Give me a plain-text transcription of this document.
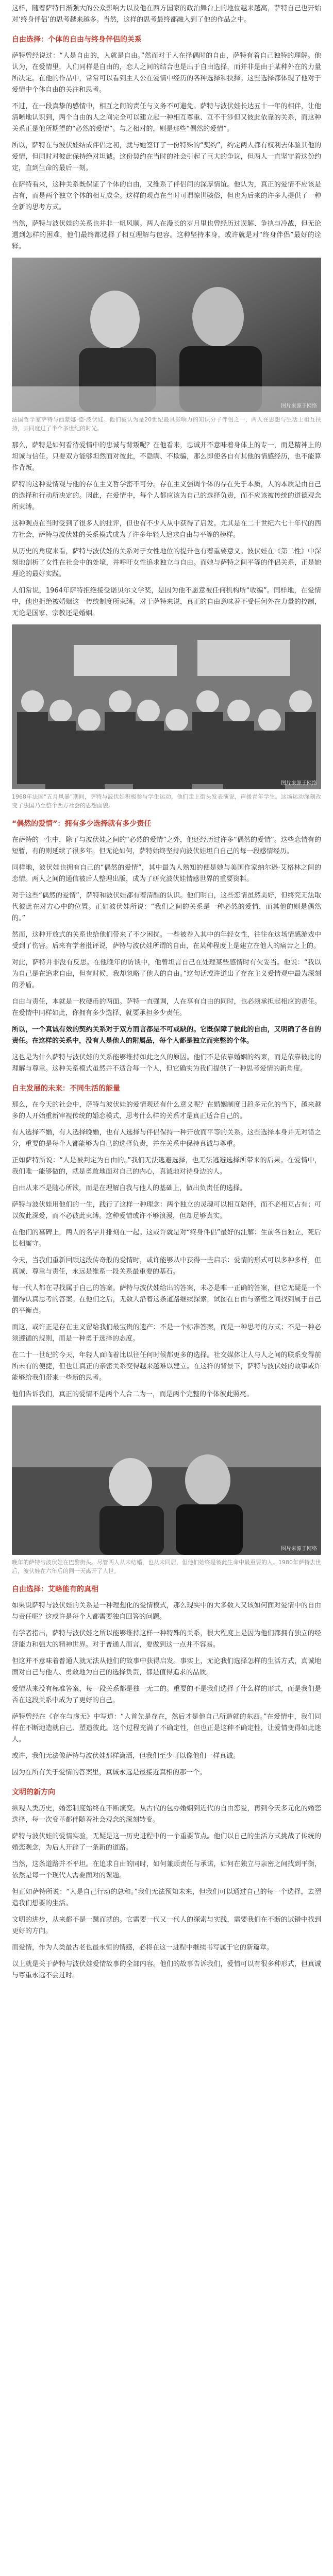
这样，随着萨特日渐强大的公众影响力以及他在西方国家的政治舞台上的地位越来越高，萨特自己也开始对‘终身伴侣’的思考越来越多。当然，这样的思考最终都融入到了他的作品之中。

自由选择：个体的自由与终身伴侣的关系

萨特曾经说过：“人是自由的，人就是自由。”然而对于人在择偶时的自由，萨特有着自己独特的理解。他认为，在爱情里，人们同样是自由的，恋人之间的结合也是出于自由选择，而并非是由于某种外在的力量所决定。在他的作品中，常常可以看到主人公在爱情中经历的各种选择和抉择。这些选择都体现了他对于爱情中个体自由的关注和思考。

不过，在一段真挚的感情中，相互之间的责任与义务不可避免。萨特与波伏娃长达五十一年的相伴，让他清晰地认识到，两个自由的人之间完全可以建立起一种相互尊重、互不干涉但又彼此依靠的关系，而这种关系正是他所期望的“必然的爱情”。与之相对的，则是那些“偶然的爱情”。

所以，萨特在与波伏娃结成伴侣之初，就与她签订了一份特殊的“契约”，约定两人都有权利去体验其他的爱情，但同时对彼此保持绝对坦诚。这份契约在当时的社会引起了巨大的争议，但两人一直坚守着这份约定，直到生命的最后一刻。

在萨特看来，这种关系既保证了个体的自由，又维系了伴侣间的深厚情谊。他认为，真正的爱情不应该是占有，而是两个独立个体的相互成全。这样的观点在当时可谓惊世骇俗，但也为后来的许多人提供了一种全新的思考方式。

当然，萨特与波伏娃的关系也并非一帆风顺。两人在漫长的岁月里也曾经历过误解、争执与冷战，但无论遇到怎样的困难，他们最终都选择了相互理解与包容。这种坚持本身，或许就是对“终身伴侣”最好的诠释。

图片来源于网络

法国哲学家萨特与西蒙娜·德·波伏娃。他们被认为是20世纪最具影响力的知识分子伴侣之一，两人在思想与生活上相互扶持，共同度过了半个多世纪的时光。

那么，萨特是如何看待爱情中的忠诚与背叛呢？在他看来，忠诚并不意味着身体上的专一，而是精神上的坦诚与信任。只要双方能够坦然面对彼此，不隐瞒、不欺骗，那么即使各自有其他的情感经历，也不能算作背叛。

萨特的这种爱情观与他的存在主义哲学密不可分。存在主义强调个体的存在先于本质，人的本质是由自己的选择和行动所决定的。因此，在爱情中，每个人都应该为自己的选择负责，而不应该被传统的道德观念所束缚。

这种观点在当时受到了很多人的批评，但也有不少人从中获得了启发。尤其是在二十世纪六七十年代的西方社会，萨特与波伏娃的关系模式成为了许多年轻人追求自由与平等的榜样。

从历史的角度来看，萨特与波伏娃的关系对于女性地位的提升也有着重要意义。波伏娃在《第二性》中深刻地剖析了女性在社会中的处境，并呼吁女性追求独立与自由。而她与萨特之间平等的伴侣关系，正是她理论的最好实践。

人们常说，1964年萨特拒绝接受诺贝尔文学奖，是因为他不愿意被任何机构所“收编”。同样地，在爱情中，他也拒绝被婚姻这一传统制度所束缚。对于萨特来说，真正的自由意味着不受任何外在力量的控制，无论是国家、宗教还是婚姻。

图片来源于网络

1968年法国“五月风暴”期间，萨特与波伏娃积极参与学生运动，他们走上街头发表演说，声援青年学生。这场运动深刻改变了法国乃至整个西方社会的思想面貌。

“偶然的爱情”：拥有多少选择就有多少责任

在萨特的一生中，除了与波伏娃之间的“必然的爱情”之外，他还经历过许多“偶然的爱情”。这些恋情有的短暂，有的则延续了很多年。但无论如何，萨特始终坚持向波伏娃坦白自己的每一段感情经历。

同样地，波伏娃也拥有自己的“偶然的爱情”，其中最为人熟知的便是她与美国作家纳尔逊·艾格林之间的恋情。两人之间的通信被后人整理出版，成为了研究波伏娃情感世界的重要资料。

对于这些“偶然的爱情”，萨特和波伏娃都有着清醒的认识。他们明白，这些恋情虽然美好，但终究无法取代彼此在对方心中的位置。正如波伏娃所说：“我们之间的关系是一种必然的爱情，而其他的则是偶然的。”

然而，这种开放式的关系也给他们带来了不少困扰。一些被卷入其中的年轻女性，往往在这场情感游戏中受到了伤害。后来有学者批评说，萨特与波伏娃所谓的自由，在某种程度上是建立在他人的痛苦之上的。

对此，萨特并非没有反思。在他晚年的访谈中，他曾坦言自己在处理某些感情时有欠妥当。他说：“我以为自己是在追求自由，但有时候，我却忽略了他人的自由。”这句话或许道出了存在主义爱情观中最为深刻的矛盾。

自由与责任，本就是一枚硬币的两面。萨特一直强调，人在享有自由的同时，也必须承担起相应的责任。在爱情中同样如此，你拥有多少选择，就要承担多少责任。

所以，一个真诚有效的契约关系对于双方而言都是不可或缺的。它既保障了彼此的自由，又明确了各自的责任。在这样的关系中，没有人是他人的附属品，每个人都是独立而完整的个体。

这也是为什么萨特与波伏娃的关系能够维持如此之久的原因。他们不是依靠婚姻的约束，而是依靠彼此的理解与尊重。这种关系模式虽然并不适合每一个人，但它确实为我们提供了一种思考爱情的新角度。

自主发展的未来：不同生活的能量

那么，在今天的社会中，萨特与波伏娃的爱情观还有什么意义呢？在婚姻制度日趋多元化的当下，越来越多的人开始重新审视传统的婚恋模式，思考什么样的关系才是真正适合自己的。

有人选择不婚，有人选择晚婚，也有人选择与伴侣保持一种开放而平等的关系。这些选择本身并无对错之分，重要的是每个人都能够为自己的选择负责，并在关系中保持真诚与尊重。

正如萨特所说：“人是被判定为自由的。”我们无法逃避选择，也无法逃避选择所带来的后果。在爱情中，我们唯一能够做的，就是勇敢地面对自己的内心，真诚地对待身边的人。

自由从来不是随心所欲，而是在理解自我与他人的基础上，做出负责任的选择。

萨特与波伏娃用他们的一生，践行了这样一种理念：两个独立的灵魂可以相互陪伴，而不必相互占有；可以彼此深爱，而不必彼此束缚。这种爱情或许不够浪漫，但却足够真实。

在他们的墓碑上，两人的名字并排刻在一起。这或许就是对“终身伴侣”最好的注解：生前各自独立，死后长相厮守。

今天，当我们重新回顾这段传奇般的爱情时，或许能够从中获得一些启示：爱情的形式可以多种多样，但真诚、尊重与责任，永远是维系一段关系最重要的基石。

每一代人都在寻找属于自己的答案。萨特与波伏娃给出的答案，未必是唯一正确的答案，但它无疑是一个值得认真思考的答案。在他们之后，无数人沿着这条道路继续探索，试图在自由与亲密之间找到属于自己的平衡点。

而这，或许正是存在主义留给我们最宝贵的遗产：不是一个标准答案，而是一种思考的方式；不是一种必须遵循的规则，而是一种勇于选择的态度。

在二十一世纪的今天，年轻人面临着比以往任何时候都更多的选择。社交媒体让人与人之间的联系变得前所未有的便捷，但也让真正的亲密关系变得越来越难以建立。在这样的背景下，萨特与波伏娃的故事或许能够给我们带来一些新的思考。

他们告诉我们，真正的爱情不是两个人合二为一，而是两个完整的个体彼此照亮。

图片来源于网络

晚年的萨特与波伏娃在巴黎街头。尽管两人从未结婚，也从未同居，但他们始终是彼此生命中最重要的人。1980年萨特去世后，波伏娃在六年后的同一天离开了人世。

自由选择：艾略能有的真相

如果说萨特与波伏娃的关系是一种理想化的爱情模式，那么现实中的大多数人又该如何面对爱情中的自由与责任呢？这或许是每个人都需要独自回答的问题。

有学者指出，萨特与波伏娃之所以能够维持这样一种特殊的关系，很大程度上是因为他们都拥有独立的经济能力和强大的精神世界。对于普通人而言，要做到这一点并不容易。

但这并不意味着普通人就无法从他们的故事中获得启发。事实上，无论我们选择怎样的生活方式，真诚地面对自己与他人、勇敢地为自己的选择负责，都是值得追求的品质。

爱情从来没有标准答案，每一段关系都是独一无二的。重要的不是我们选择了什么样的形式，而是我们是否在这段关系中成为了更好的自己。

萨特曾经在《存在与虚无》中写道：“人首先是存在，然后才是他自己所造就的东西。”在爱情中，我们同样在不断地造就自己、塑造彼此。这个过程充满了不确定性，但也正是这种不确定性，让爱情变得如此迷人。

或许，我们无法像萨特与波伏娃那样潇洒，但我们至少可以像他们一样真诚。

因为在所有关于爱情的答案里，真诚永远是最接近真相的那一个。

文明的新方向

纵观人类历史，婚恋制度始终在不断演变。从古代的包办婚姻到近代的自由恋爱，再到今天多元化的婚恋选择，每一次变革都伴随着社会观念的深刻转变。

萨特与波伏娃的爱情实验，无疑是这一历史进程中的一个重要节点。他们以自己的生活方式挑战了传统的婚恋观念，为后人开辟了一条新的道路。

当然，这条道路并不平坦。在追求自由的同时，如何兼顾责任与承诺，如何在独立与亲密之间找到平衡，依然是每一个现代人需要面对的课题。

但正如萨特所说：“人是自己行动的总和。”我们无法预知未来，但我们可以通过自己的每一个选择，去塑造我们想要的生活。

文明的进步，从来都不是一蹴而就的。它需要一代又一代人的探索与实践，需要我们在不断的试错中找到更好的方向。

而爱情，作为人类最古老也最永恒的情感，必将在这一进程中继续书写属于它的新篇章。

以上就是关于萨特与波伏娃爱情故事的全部内容。他们的故事告诉我们，爱情可以有很多种形式，但真诚与尊重永远不会过时。
